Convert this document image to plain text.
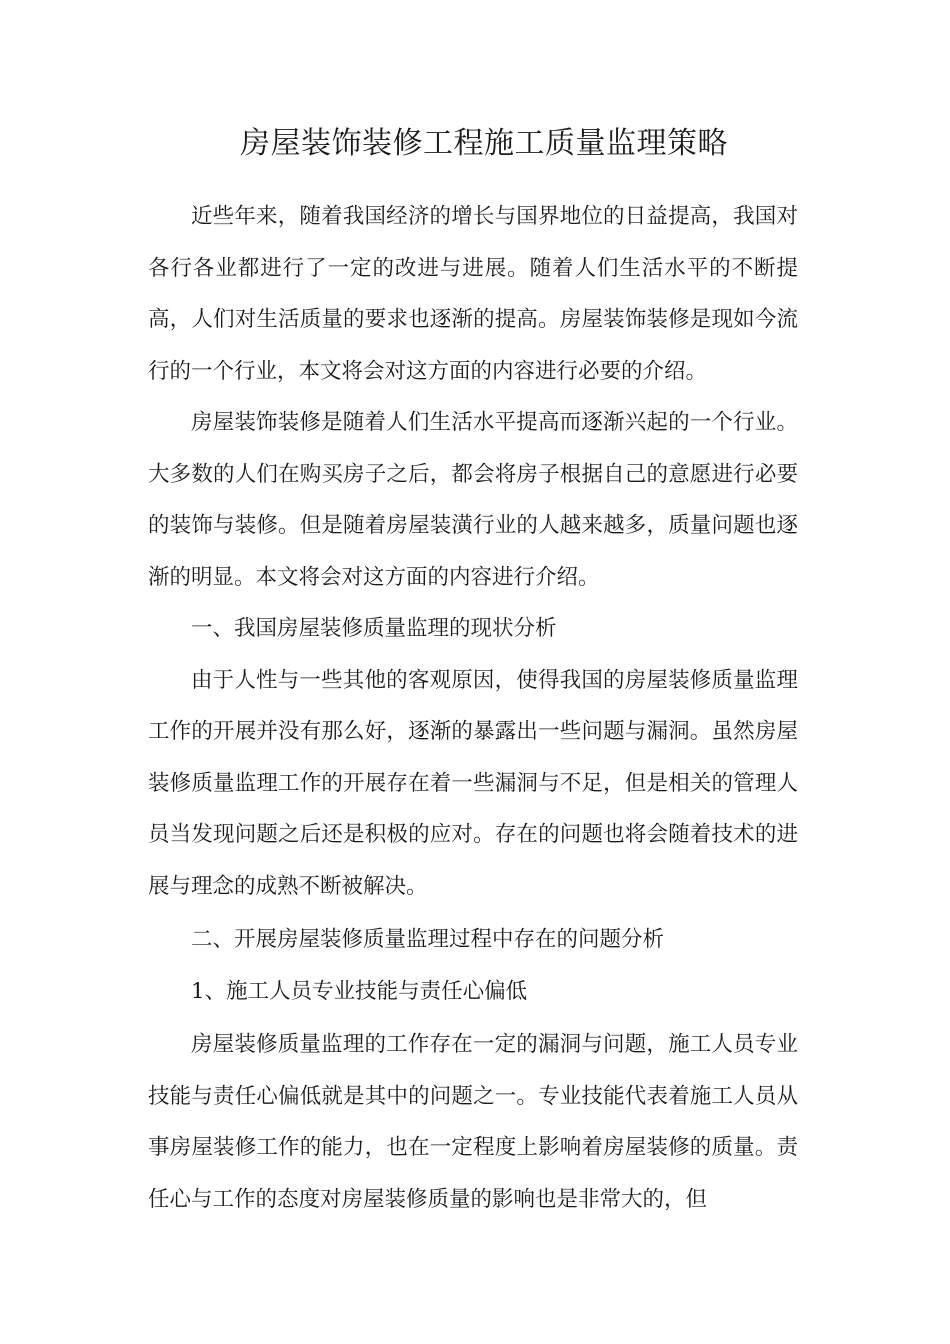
房屋装饰装修工程施工质量监理策略

近些年来，随着我国经济的增长与国界地位的日益提高，我国对各行各业都进行了一定的改进与进展。随着人们生活水平的不断提高，人们对生活质量的要求也逐渐的提高。房屋装饰装修是现如今流行的一个行业，本文将会对这方面的内容进行必要的介绍。

房屋装饰装修是随着人们生活水平提高而逐渐兴起的一个行业。大多数的人们在购买房子之后，都会将房子根据自己的意愿进行必要的装饰与装修。但是随着房屋装潢行业的人越来越多，质量问题也逐渐的明显。本文将会对这方面的内容进行介绍。

一、我国房屋装修质量监理的现状分析

由于人性与一些其他的客观原因，使得我国的房屋装修质量监理工作的开展并没有那么好，逐渐的暴露出一些问题与漏洞。虽然房屋装修质量监理工作的开展存在着一些漏洞与不足，但是相关的管理人员当发现问题之后还是积极的应对。存在的问题也将会随着技术的进展与理念的成熟不断被解决。

二、开展房屋装修质量监理过程中存在的问题分析

1、施工人员专业技能与责任心偏低

房屋装修质量监理的工作存在一定的漏洞与问题，施工人员专业技能与责任心偏低就是其中的问题之一。专业技能代表着施工人员从事房屋装修工作的能力，也在一定程度上影响着房屋装修的质量。责任心与工作的态度对房屋装修质量的影响也是非常大的，但
